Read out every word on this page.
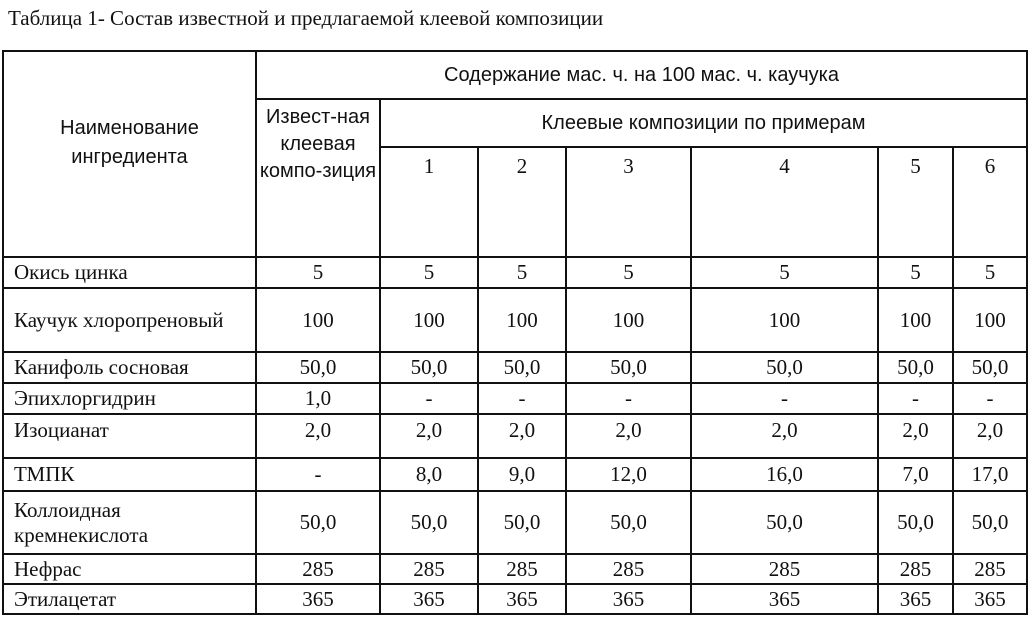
Таблица 1- Состав известной и предлагаемой клеевой композиции
Наименование ингредиента	Содержание мас. ч. на 100 мас. ч. каучука						
	Извест-ная клеевая компо-зиция	Клеевые композиции по примерам					
		1	2	3	4	5	6
Окись цинка	5	5	5	5	5	5	5
Каучук хлоропреновый	100	100	100	100	100	100	100
Канифоль сосновая	50,0	50,0	50,0	50,0	50,0	50,0	50,0
Эпихлоргидрин	1,0	-	-	-	-	-	-
Изоцианат	2,0	2,0	2,0	2,0	2,0	2,0	2,0
ТМПК	-	8,0	9,0	12,0	16,0	7,0	17,0
Коллоидная кремнекислота	50,0	50,0	50,0	50,0	50,0	50,0	50,0
Нефрас	285	285	285	285	285	285	285
Этилацетат	365	365	365	365	365	365	365
